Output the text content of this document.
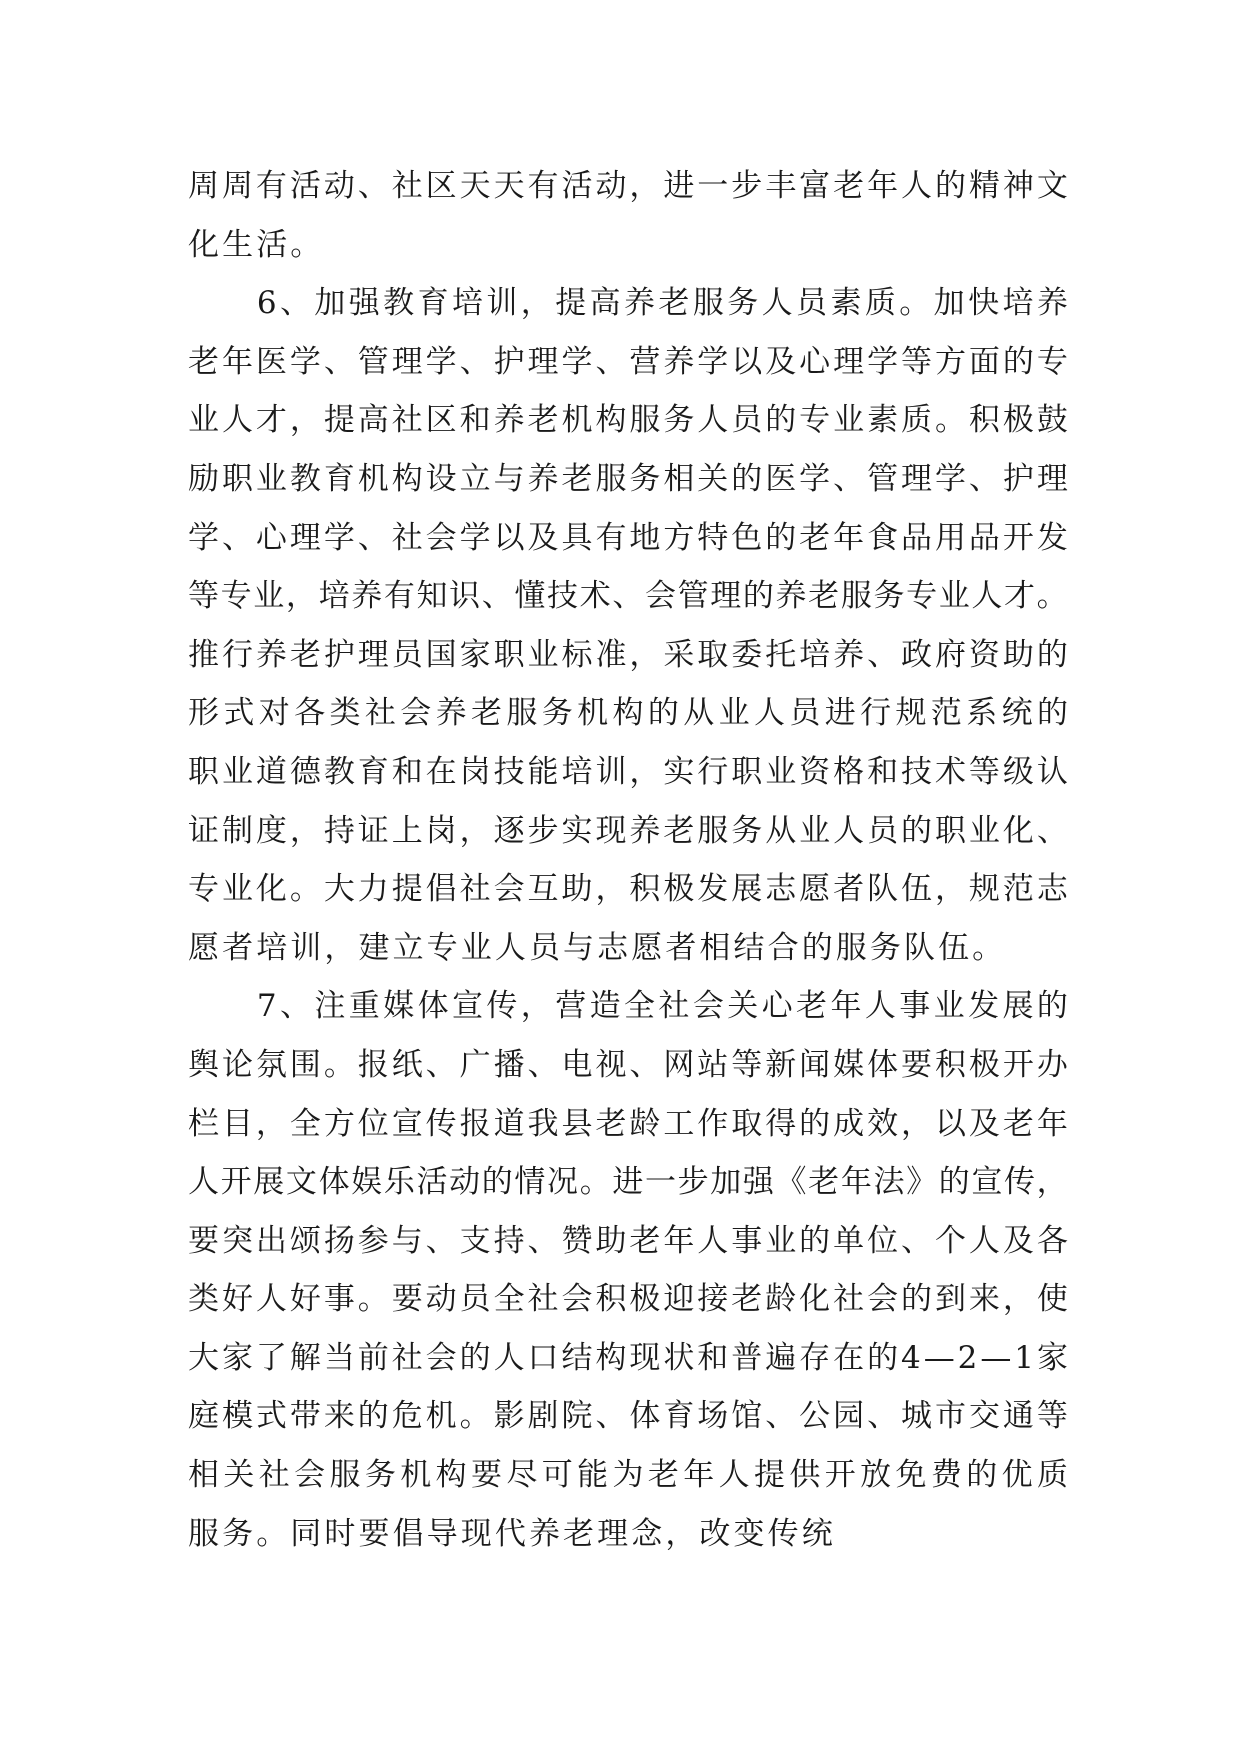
周 周 有 活 动 、 社 区 天 天 有 活 动 ， 进 一 步 丰 富 老 年 人 的 精 神 文
化 生 活 。

6 、 加 强 教 育 培 训 ， 提 高 养 老 服 务 人 员 素 质 。 加 快 培 养
老 年 医 学 、 管 理 学 、 护 理 学 、 营 养 学 以 及 心 理 学 等 方 面 的 专
业 人 才 ， 提 高 社 区 和 养 老 机 构 服 务 人 员 的 专 业 素 质 。 积 极 鼓
励 职 业 教 育 机 构 设 立 与 养 老 服 务 相 关 的 医 学 、 管 理 学 、 护 理
学 、 心 理 学 、 社 会 学 以 及 具 有 地 方 特 色 的 老 年 食 品 用 品 开 发
等 专 业 ， 培 养 有 知 识 、 懂 技 术 、 会 管 理 的 养 老 服 务 专 业 人 才 。
推 行 养 老 护 理 员 国 家 职 业 标 准 ， 采 取 委 托 培 养 、 政 府 资 助 的
形 式 对 各 类 社 会 养 老 服 务 机 构 的 从 业 人 员 进 行 规 范 系 统 的
职 业 道 德 教 育 和 在 岗 技 能 培 训 ， 实 行 职 业 资 格 和 技 术 等 级 认
证 制 度 ， 持 证 上 岗 ， 逐 步 实 现 养 老 服 务 从 业 人 员 的 职 业 化 、
专 业 化 。 大 力 提 倡 社 会 互 助 ， 积 极 发 展 志 愿 者 队 伍 ， 规 范 志
愿 者 培 训 ， 建 立 专 业 人 员 与 志 愿 者 相 结 合 的 服 务 队 伍 。

7 、 注 重 媒 体 宣 传 ， 营 造 全 社 会 关 心 老 年 人 事 业 发 展 的
舆 论 氛 围 。 报 纸 、 广 播 、 电 视 、 网 站 等 新 闻 媒 体 要 积 极 开 办
栏 目 ， 全 方 位 宣 传 报 道 我 县 老 龄 工 作 取 得 的 成 效 ， 以 及 老 年
人 开 展 文 体 娱 乐 活 动 的 情 况 。 进 一 步 加 强 《 老 年 法 》 的 宣 传 ，
要 突 出 颂 扬 参 与 、 支 持 、 赞 助 老 年 人 事 业 的 单 位 、 个 人 及 各
类 好 人 好 事 。 要 动 员 全 社 会 积 极 迎 接 老 龄 化 社 会 的 到 来 ， 使
大 家 了 解 当 前 社 会 的 人 口 结 构 现 状 和 普 遍 存 在 的 4 — 2 — 1 家
庭 模 式 带 来 的 危 机 。 影 剧 院 、 体 育 场 馆 、 公 园 、 城 市 交 通 等
相 关 社 会 服 务 机 构 要 尽 可 能 为 老 年 人 提 供 开 放 免 费 的 优 质
服 务 。 同 时 要 倡 导 现 代 养 老 理 念 ， 改 变 传 统
